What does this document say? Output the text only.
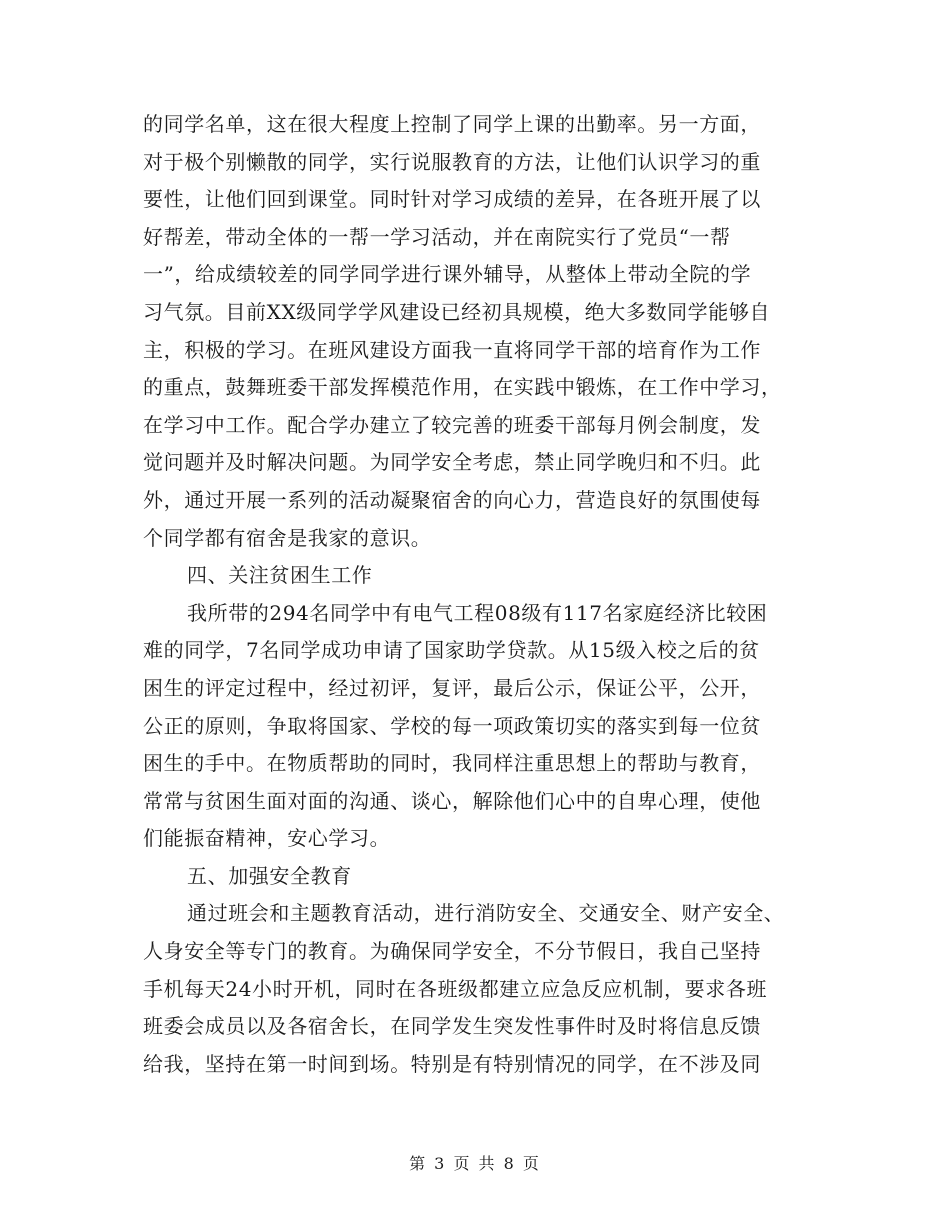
的同学名单，这在很大程度上控制了同学上课的出勤率。另一方面，
对于极个别懒散的同学，实行说服教育的方法，让他们认识学习的重
要性，让他们回到课堂。同时针对学习成绩的差异，在各班开展了以
好帮差，带动全体的一帮一学习活动，并在南院实行了党员“一帮
一”，给成绩较差的同学同学进行课外辅导，从整体上带动全院的学
习气氛。目前XX级同学学风建设已经初具规模，绝大多数同学能够自
主，积极的学习。在班风建设方面我一直将同学干部的培育作为工作
的重点，鼓舞班委干部发挥模范作用，在实践中锻炼，在工作中学习，
在学习中工作。配合学办建立了较完善的班委干部每月例会制度，发
觉问题并及时解决问题。为同学安全考虑，禁止同学晚归和不归。此
外，通过开展一系列的活动凝聚宿舍的向心力，营造良好的氛围使每
个同学都有宿舍是我家的意识。
四、关注贫困生工作
我所带的294名同学中有电气工程08级有117名家庭经济比较困
难的同学，7名同学成功申请了国家助学贷款。从15级入校之后的贫
困生的评定过程中，经过初评，复评，最后公示，保证公平，公开，
公正的原则，争取将国家、学校的每一项政策切实的落实到每一位贫
困生的手中。在物质帮助的同时，我同样注重思想上的帮助与教育，
常常与贫困生面对面的沟通、谈心，解除他们心中的自卑心理，使他
们能振奋精神，安心学习。
五、加强安全教育
通过班会和主题教育活动，进行消防安全、交通安全、财产安全、
人身安全等专门的教育。为确保同学安全，不分节假日，我自己坚持
手机每天24小时开机，同时在各班级都建立应急反应机制，要求各班
班委会成员以及各宿舍长，在同学发生突发性事件时及时将信息反馈
给我，坚持在第一时间到场。特别是有特别情况的同学，在不涉及同
第 3 页 共 8 页
